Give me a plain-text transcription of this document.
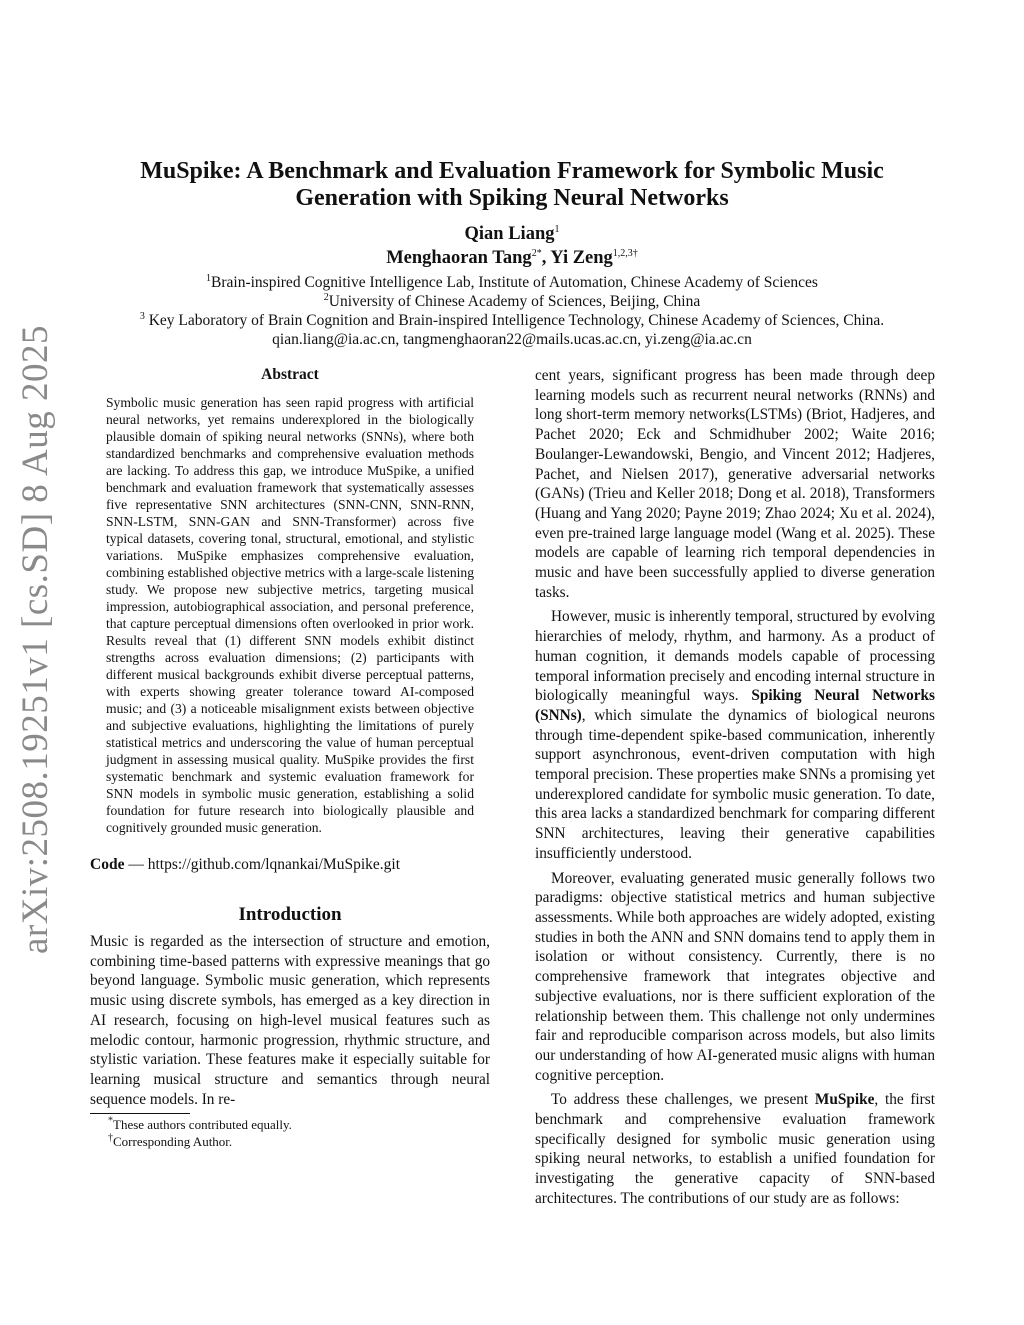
arXiv:2508.19251v1 [cs.SD] 8 Aug 2025
MuSpike: A Benchmark and Evaluation Framework for Symbolic Music
Generation with Spiking Neural Networks
Qian Liang$^1$
Menghaoran Tang$^{2*}$, Yi Zeng$^{1,2,3\dagger}$
$^1$Brain-inspired Cognitive Intelligence Lab, Institute of Automation, Chinese Academy of Sciences
$^2$University of Chinese Academy of Sciences, Beijing, China
$^3$ Key Laboratory of Brain Cognition and Brain-inspired Intelligence Technology, Chinese Academy of Sciences, China.
qian.liang@ia.ac.cn, tangmenghaoran22@mails.ucas.ac.cn, yi.zeng@ia.ac.cn
Abstract

Symbolic music generation has seen rapid progress with artificial neural networks, yet remains underexplored in the biologically plausible domain of spiking neural networks (SNNs), where both standardized benchmarks and comprehensive evaluation methods are lacking. To address this gap, we introduce MuSpike, a unified benchmark and evaluation framework that systematically assesses five representative SNN architectures (SNN-CNN, SNN-RNN, SNN-LSTM, SNN-GAN and SNN-Transformer) across five typical datasets, covering tonal, structural, emotional, and stylistic variations. MuSpike emphasizes comprehensive evaluation, combining established objective metrics with a large-scale listening study. We propose new subjective metrics, targeting musical impression, autobiographical association, and personal preference, that capture perceptual dimensions often overlooked in prior work. Results reveal that (1) different SNN models exhibit distinct strengths across evaluation dimensions; (2) participants with different musical backgrounds exhibit diverse perceptual patterns, with experts showing greater tolerance toward AI-composed music; and (3) a noticeable misalignment exists between objective and subjective evaluations, highlighting the limitations of purely statistical metrics and underscoring the value of human perceptual judgment in assessing musical quality. MuSpike provides the first systematic benchmark and systemic evaluation framework for SNN models in symbolic music generation, establishing a solid foundation for future research into biologically plausible and cognitively grounded music generation.

Code — https://github.com/lqnankai/MuSpike.git
Introduction

Music is regarded as the intersection of structure and emotion, combining time-based patterns with expressive meanings that go beyond language. Symbolic music generation, which represents music using discrete symbols, has emerged as a key direction in AI research, focusing on high-level musical features such as melodic contour, harmonic progression, rhythmic structure, and stylistic variation. These features make it especially suitable for learning musical structure and semantics through neural sequence models. In re-

*These authors contributed equally.

†Corresponding Author.

cent years, significant progress has been made through deep learning models such as recurrent neural networks (RNNs) and long short-term memory networks(LSTMs) (Briot, Hadjeres, and Pachet 2020; Eck and Schmidhuber 2002; Waite 2016; Boulanger-Lewandowski, Bengio, and Vincent 2012; Hadjeres, Pachet, and Nielsen 2017), generative adversarial networks (GANs) (Trieu and Keller 2018; Dong et al. 2018), Transformers (Huang and Yang 2020; Payne 2019; Zhao 2024; Xu et al. 2024), even pre-trained large language model (Wang et al. 2025). These models are capable of learning rich temporal dependencies in music and have been successfully applied to diverse generation tasks.

However, music is inherently temporal, structured by evolving hierarchies of melody, rhythm, and harmony. As a product of human cognition, it demands models capable of processing temporal information precisely and encoding internal structure in biologically meaningful ways. Spiking Neural Networks (SNNs), which simulate the dynamics of biological neurons through time-dependent spike-based communication, inherently support asynchronous, event-driven computation with high temporal precision. These properties make SNNs a promising yet underexplored candidate for symbolic music generation. To date, this area lacks a standardized benchmark for comparing different SNN architectures, leaving their generative capabilities insufficiently understood.

Moreover, evaluating generated music generally follows two paradigms: objective statistical metrics and human subjective assessments. While both approaches are widely adopted, existing studies in both the ANN and SNN domains tend to apply them in isolation or without consistency. Currently, there is no comprehensive framework that integrates objective and subjective evaluations, nor is there sufficient exploration of the relationship between them. This challenge not only undermines fair and reproducible comparison across models, but also limits our understanding of how AI-generated music aligns with human cognitive perception.

To address these challenges, we present MuSpike, the first benchmark and comprehensive evaluation framework specifically designed for symbolic music generation using spiking neural networks, to establish a unified foundation for investigating the generative capacity of SNN-based architectures. The contributions of our study are as follows:
